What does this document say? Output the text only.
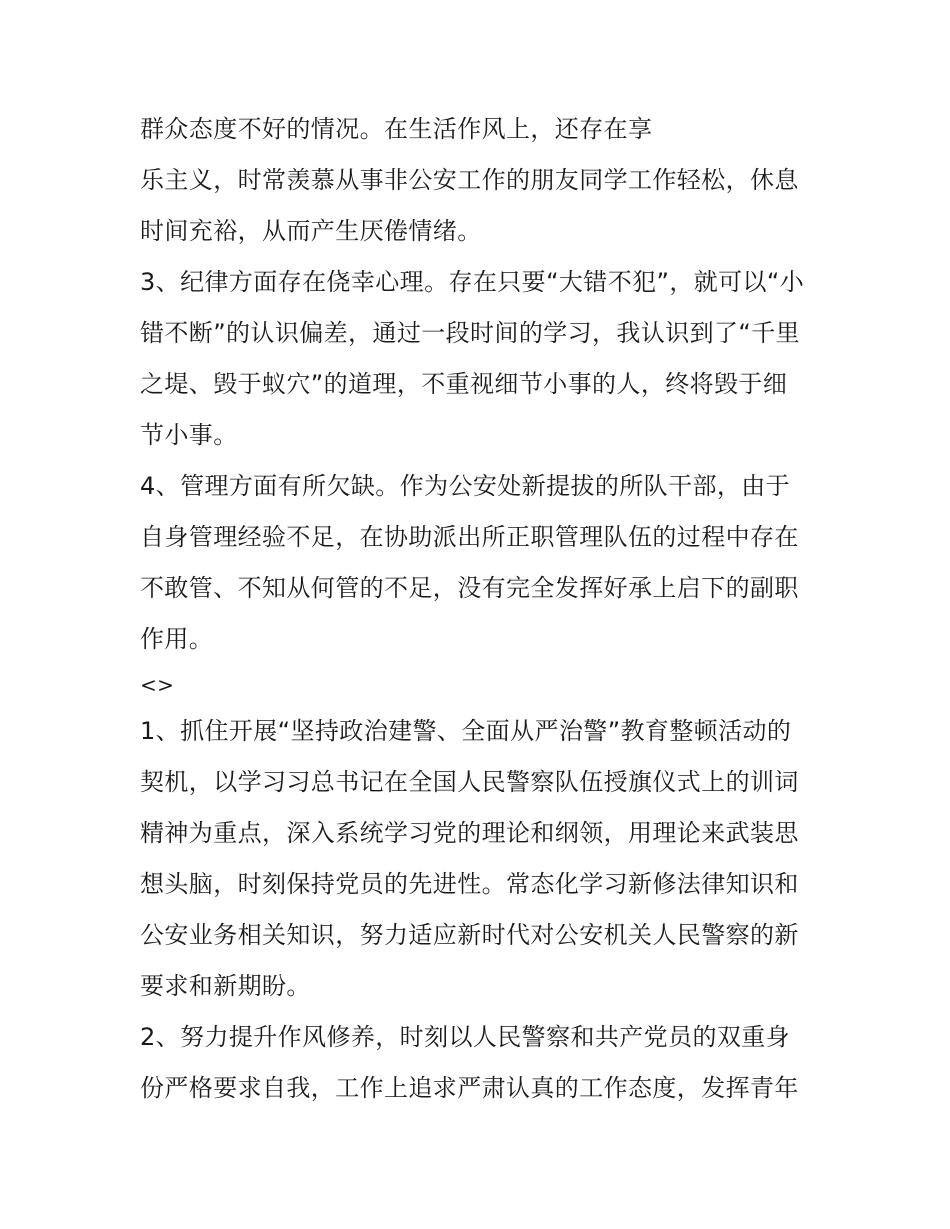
群众态度不好的情况。在生活作风上，还存在享
乐主义，时常羡慕从事非公安工作的朋友同学工作轻松，休息
时间充裕，从而产生厌倦情绪。
3、纪律方面存在侥幸心理。存在只要“大错不犯”，就可以“小
错不断”的认识偏差，通过一段时间的学习，我认识到了“千里
之堤、毁于蚁穴”的道理，不重视细节小事的人，终将毁于细
节小事。
4、管理方面有所欠缺。作为公安处新提拔的所队干部，由于
自身管理经验不足，在协助派出所正职管理队伍的过程中存在
不敢管、不知从何管的不足，没有完全发挥好承上启下的副职
作用。
<>
1、抓住开展“坚持政治建警、全面从严治警”教育整顿活动的
契机，以学习习总书记在全国人民警察队伍授旗仪式上的训词
精神为重点，深入系统学习党的理论和纲领，用理论来武装思
想头脑，时刻保持党员的先进性。常态化学习新修法律知识和
公安业务相关知识，努力适应新时代对公安机关人民警察的新
要求和新期盼。
2、努力提升作风修养，时刻以人民警察和共产党员的双重身
份严格要求自我，工作上追求严肃认真的工作态度，发挥青年
